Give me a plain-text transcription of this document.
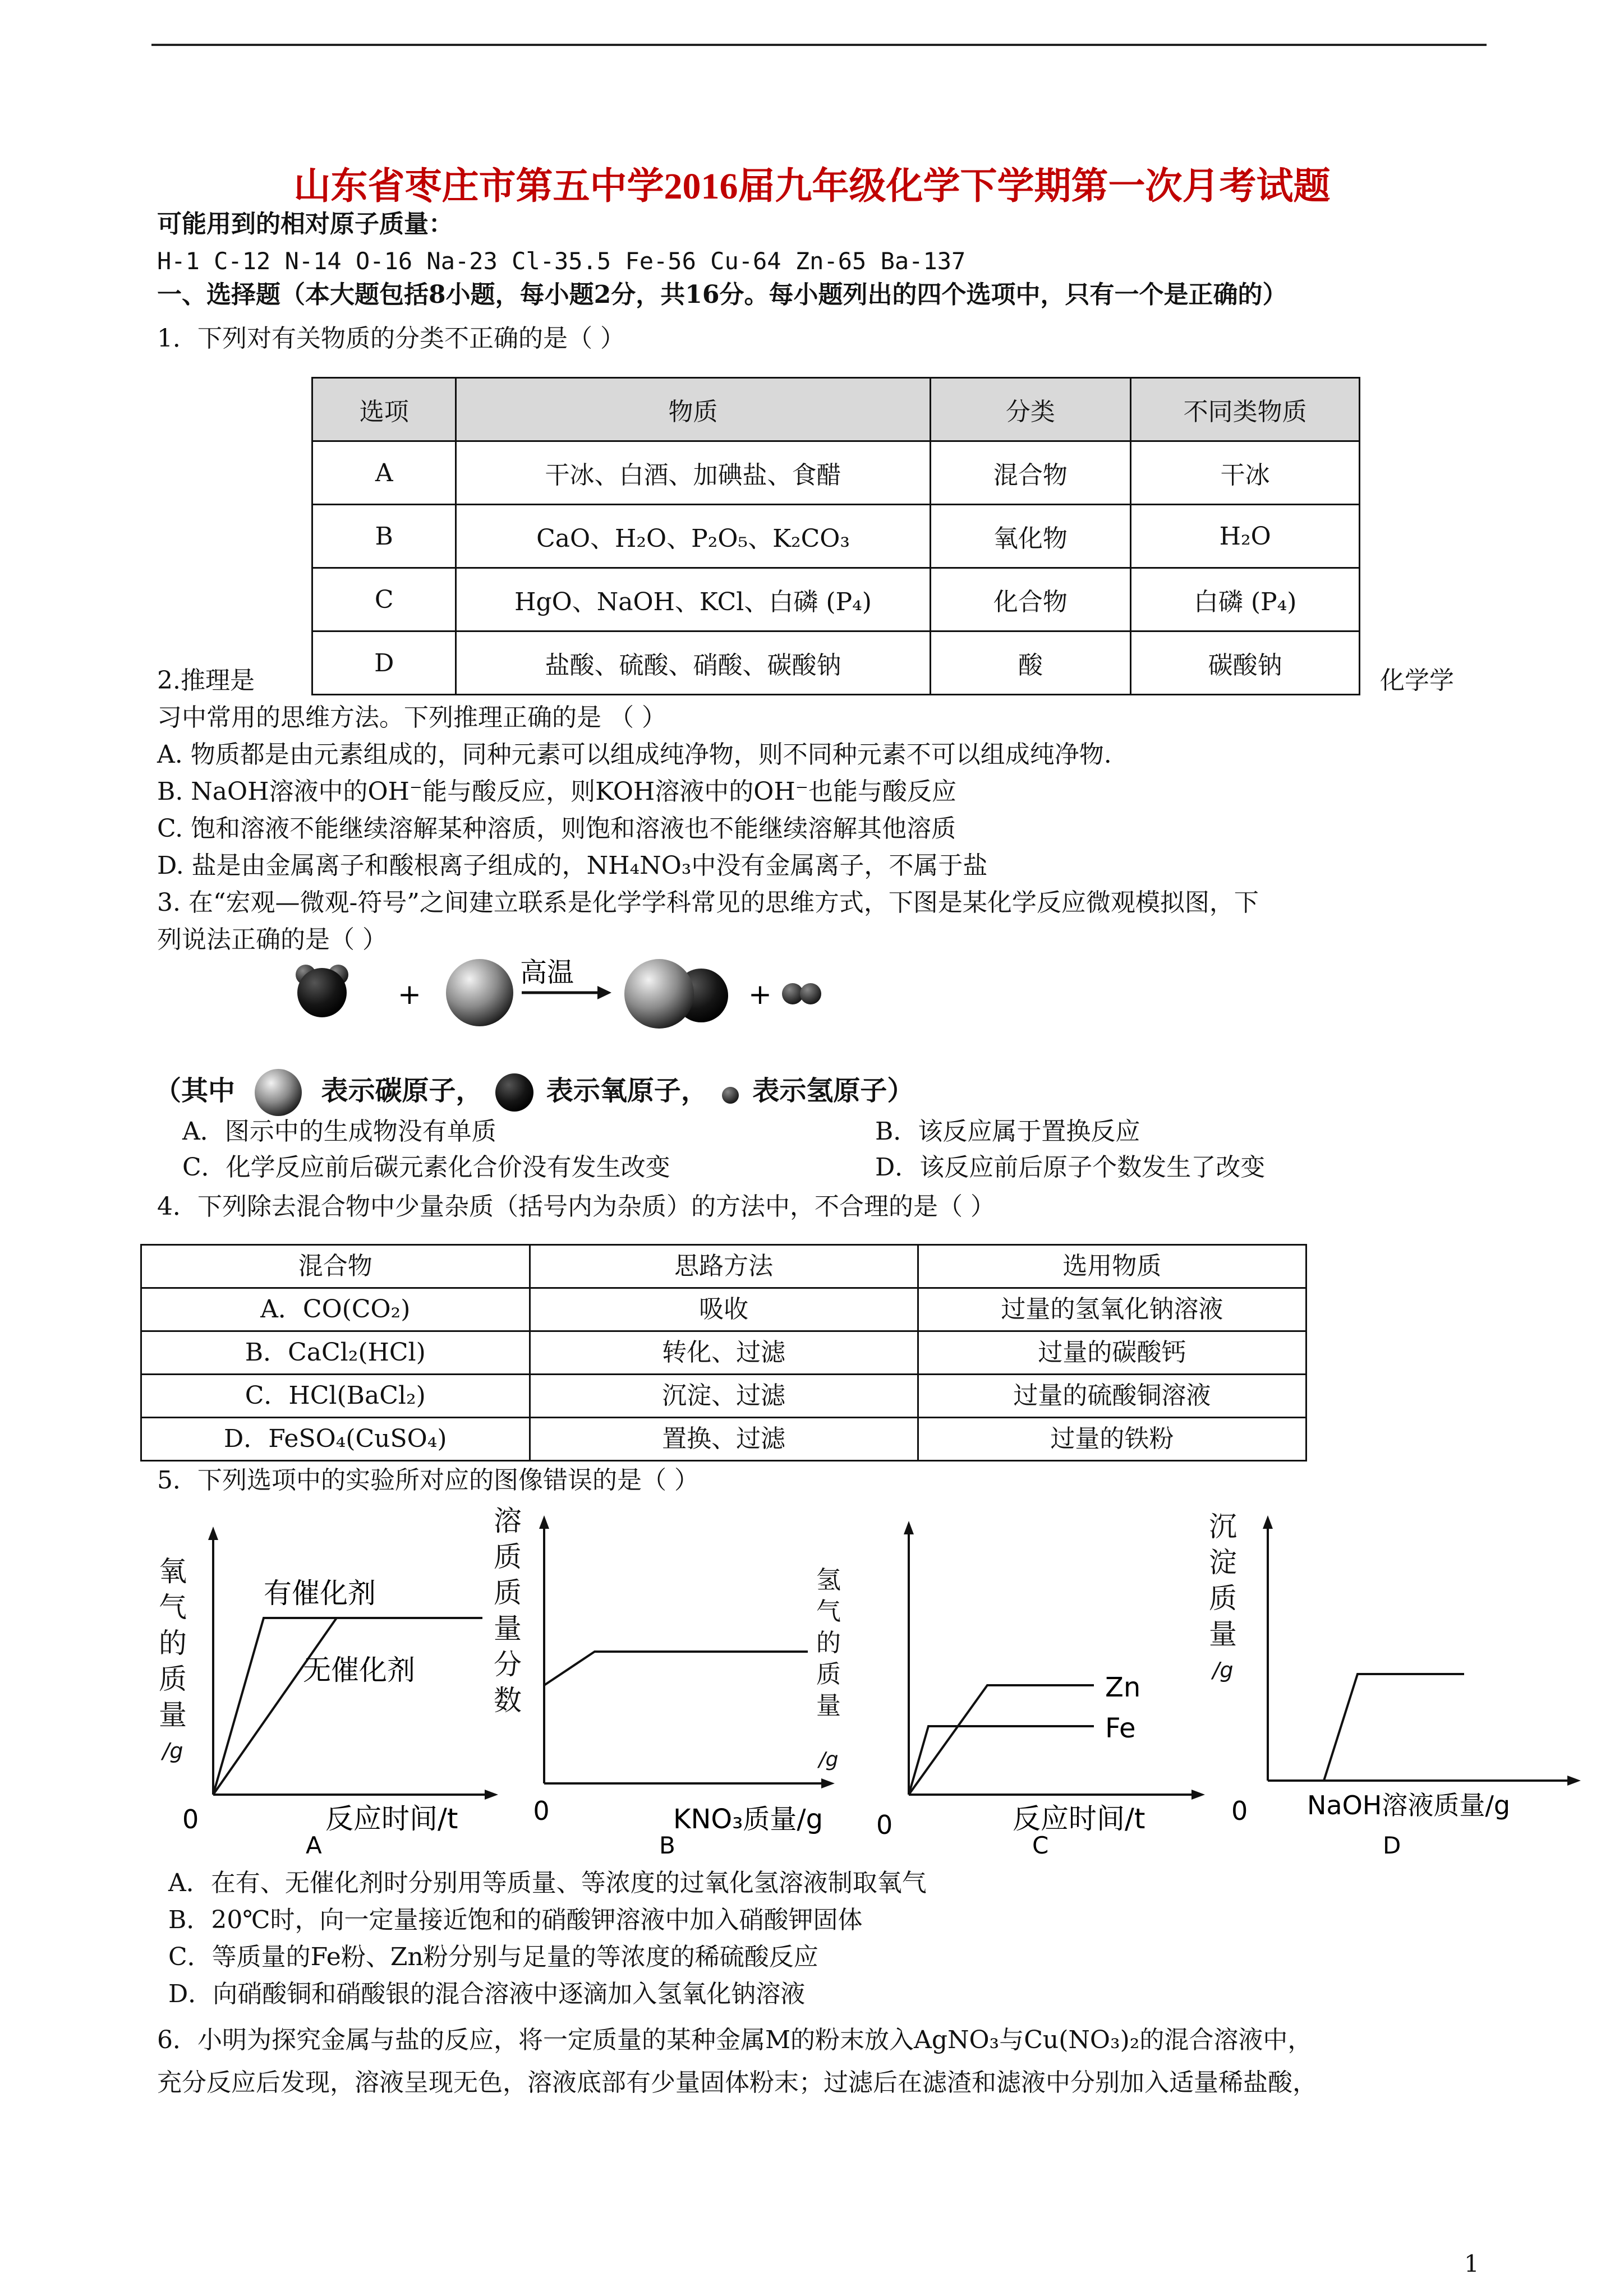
山东省枣庄市第五中学2016届九年级化学下学期第一次月考试题
可能用到的相对原子质量：
H-1 C-12 N-14 O-16 Na-23 Cl-35.5 Fe-56 Cu-64 Zn-65 Ba-137
一、选择题（本大题包括8小题，每小题2分，共16分。每小题列出的四个选项中，只有一个是正确的）
1．下列对有关物质的分类不正确的是（ ）
选项	物质	分类	不同类物质
A	干冰、白酒、加碘盐、食醋	混合物	干冰
B	CaO、H₂O、P₂O₅、K₂CO₃	氧化物	H₂O
C	HgO、NaOH、KCl、白磷 (P₄)	化合物	白磷 (P₄)
D	盐酸、硫酸、硝酸、碳酸钠	酸	碳酸钠
2.推理是	化学学
习中常用的思维方法。下列推理正确的是 （ ）
A. 物质都是由元素组成的，同种元素可以组成纯净物，则不同种元素不可以组成纯净物.
B. NaOH溶液中的OH⁻能与酸反应，则KOH溶液中的OH⁻也能与酸反应
C. 饱和溶液不能继续溶解某种溶质，则饱和溶液也不能继续溶解其他溶质
D. 盐是由金属离子和酸根离子组成的，NH₄NO₃中没有金属离子，不属于盐
3. 在“宏观—微观-符号”之间建立联系是化学学科常见的思维方式，下图是某化学反应微观模拟图，下
列说法正确的是（ ）
+
高温
+
（其中	表示碳原子， 表示氧原子， 表示氢原子）
A．图示中的生成物没有单质	B．该反应属于置换反应
C．化学反应前后碳元素化合价没有发生改变	D．该反应前后原子个数发生了改变
4．下列除去混合物中少量杂质（括号内为杂质）的方法中，不合理的是（ ）
混合物	思路方法	选用物质
A．CO(CO₂)	吸收	过量的氢氧化钠溶液
B．CaCl₂(HCl)	转化、过滤	过量的碳酸钙
C．HCl(BaCl₂)	沉淀、过滤	过量的硫酸铜溶液
D．FeSO₄(CuSO₄)	置换、过滤	过量的铁粉
5．下列选项中的实验所对应的图像错误的是（ ）
有催化剂
无催化剂
0	反应时间/t
A
氧
气
的
质
量
/g
0	KNO₃质量/g
B
溶
质
质
量
分
数	Zn
Fe
0	反应时间/t
C
氢
气
的
质
量
/g
0 NaOH溶液质量/g
D
沉
淀
质
量
/g
A．在有、无催化剂时分别用等质量、等浓度的过氧化氢溶液制取氧气
B．20℃时，向一定量接近饱和的硝酸钾溶液中加入硝酸钾固体
C．等质量的Fe粉、Zn粉分别与足量的等浓度的稀硫酸反应
D．向硝酸铜和硝酸银的混合溶液中逐滴加入氢氧化钠溶液
6．小明为探究金属与盐的反应，将一定质量的某种金属M的粉末放入AgNO₃与Cu(NO₃)₂的混合溶液中，
充分反应后发现，溶液呈现无色，溶液底部有少量固体粉末；过滤后在滤渣和滤液中分别加入适量稀盐酸，
1
